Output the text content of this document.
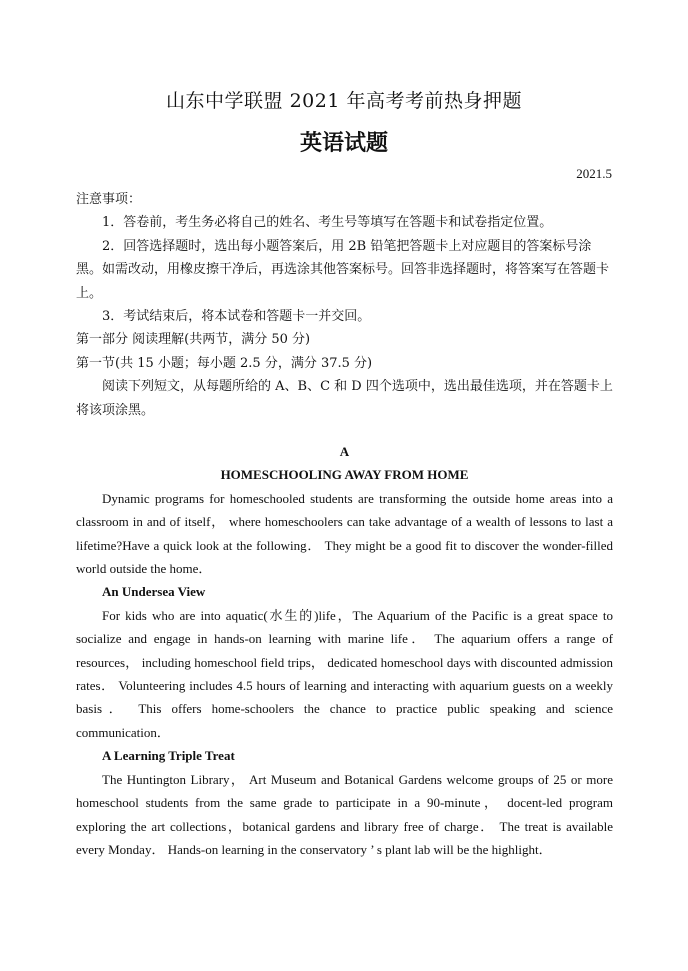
山东中学联盟 2021 年高考考前热身押题
英语试题
2021.5

注意事项：

1．答卷前，考生务必将自己的姓名、考生号等填写在答题卡和试卷指定位置。

2．回答选择题时，选出每小题答案后，用 2B 铅笔把答题卡上对应题目的答案标号涂黑。如需改动，用橡皮擦干净后，再选涂其他答案标号。回答非选择题时，将答案写在答题卡上。

3．考试结束后，将本试卷和答题卡一并交回。

第一部分 阅读理解(共两节，满分 50 分)

第一节(共 15 小题；每小题 2.5 分，满分 37.5 分)

阅读下列短文，从每题所给的 A、B、C 和 D 四个选项中，选出最佳选项，并在答题卡上将该项涂黑。

A

HOMESCHOOLING AWAY FROM HOME

Dynamic programs for homeschooled students are transforming the outside home areas into a classroom in and of itself， where homeschoolers can take advantage of a wealth of lessons to last a lifetime?Have a quick look at the following． They might be a good fit to discover the wonder-filled world outside the home．

An Undersea View

For kids who are into aquatic(水生的)life，The Aquarium of the Pacific is a great space to socialize and engage in hands-on learning with marine life． The aquarium offers a range of resources， including homeschool field trips， dedicated homeschool days with discounted admission rates． Volunteering includes 4.5 hours of learning and interacting with aquarium guests on a weekly basis． This offers home-schoolers the chance to practice public speaking and science communication．

A Learning Triple Treat

The Huntington Library， Art Museum and Botanical Gardens welcome groups of 25 or more homeschool students from the same grade to participate in a 90-minute， docent-led program exploring the art collections，botanical gardens and library free of charge． The treat is available every Monday． Hands-on learning in the conservatory ’ s plant lab will be the highlight．
